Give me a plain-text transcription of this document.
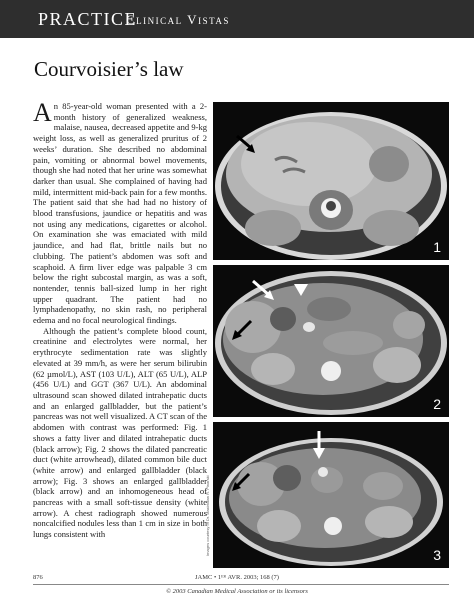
PRACTICE
Clinical Vistas
Courvoisier’s law

An 85-year-old woman presented with a 2-month history of generalized weakness, malaise, nausea, decreased appetite and 9-kg weight loss, as well as generalized pruritus of 2 weeks’ duration. She described no abdominal pain, vomiting or abnormal bowel movements, though she had noted that her urine was somewhat darker than usual. She complained of having had mild, intermittent mid-back pain for a few months. The patient said that she had had no history of blood transfusions, jaundice or hepatitis and was not using any medications, cigarettes or alcohol. On examination she was emaciated with mild jaundice, and had flat, brittle nails but no clubbing. The patient’s abdomen was soft and scaphoid. A firm liver edge was palpable 3 cm below the right subcostal margin, as was a soft, nontender, tennis ball-sized lump in her right upper quadrant. The patient had no lymphadenopathy, no skin rash, no peripheral edema and no focal neurological findings.

Although the patient’s complete blood count, creatinine and electrolytes were normal, her erythrocyte sedimentation rate was slightly elevated at 39 mm/h, as were her serum bilirubin (62 µmol/L), AST (103 U/L), ALT (65 U/L), ALP (456 U/L) and GGT (367 U/L). An abdominal ultrasound scan showed dilated intrahepatic ducts and an enlarged gallbladder, but the patient’s pancreas was not well visualized. A CT scan of the abdomen with contrast was performed: Fig. 1 shows a fatty liver and dilated intrahepatic ducts (black arrow); Fig. 2 shows the dilated pancreatic duct (white arrowhead), dilated common bile duct (white arrow) and enlarged gallbladder (black arrow); Fig. 3 shows an enlarged gallbladder (black arrow) and an inhomogeneous head of pancreas with a small soft-tissue density (white arrow). A chest radiograph showed numerous noncalcified nodules less than 1 cm in size in both lungs consistent with	Images courtesy of Dr. Maximilian R. Pinarski
1
2
3
876	JAMC • 1ᴱᴿ AVR. 2003; 168 (7)
© 2003 Canadian Medical Association or its licensors
